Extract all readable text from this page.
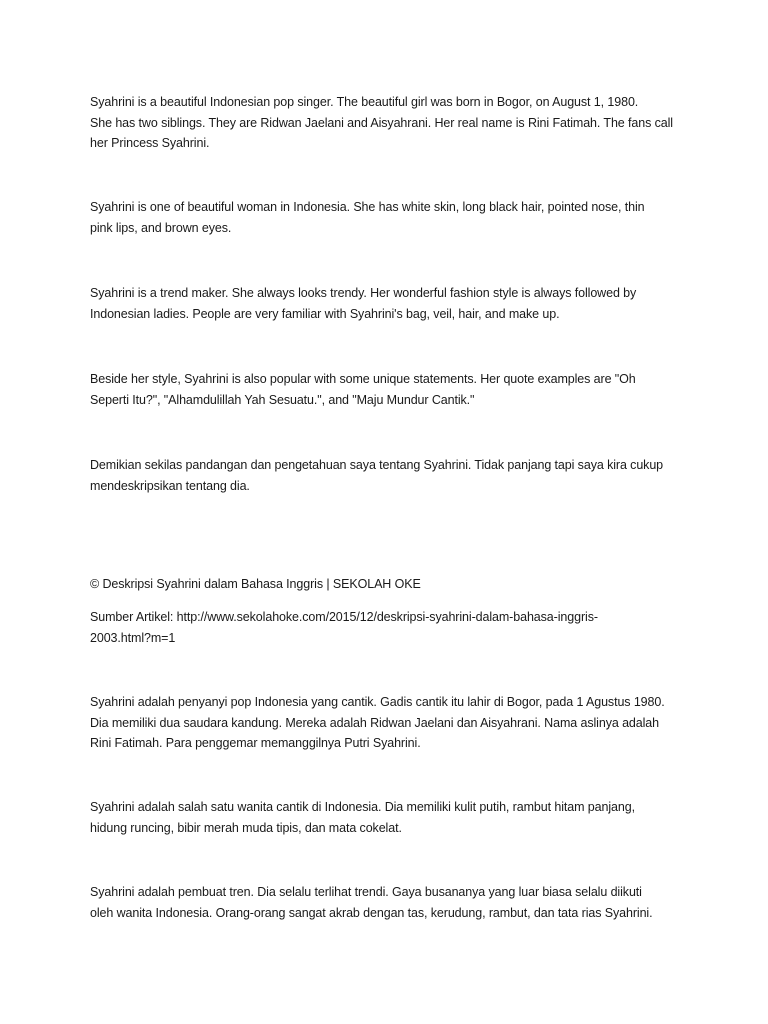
Syahrini is a beautiful Indonesian pop singer. The beautiful girl was born in Bogor, on August 1, 1980.
She has two siblings. They are Ridwan Jaelani and Aisyahrani. Her real name is Rini Fatimah. The fans call
her Princess Syahrini.

Syahrini is one of beautiful woman in Indonesia. She has white skin, long black hair, pointed nose, thin
pink lips, and brown eyes.

Syahrini is a trend maker. She always looks trendy. Her wonderful fashion style is always followed by
Indonesian ladies. People are very familiar with Syahrini's bag, veil, hair, and make up.

Beside her style, Syahrini is also popular with some unique statements. Her quote examples are "Oh
Seperti Itu?", "Alhamdulillah Yah Sesuatu.", and "Maju Mundur Cantik."

Demikian sekilas pandangan dan pengetahuan saya tentang Syahrini. Tidak panjang tapi saya kira cukup
mendeskripsikan tentang dia.

© Deskripsi Syahrini dalam Bahasa Inggris | SEKOLAH OKE

Sumber Artikel: http://www.sekolahoke.com/2015/12/deskripsi-syahrini-dalam-bahasa-inggris-
2003.html?m=1

Syahrini adalah penyanyi pop Indonesia yang cantik. Gadis cantik itu lahir di Bogor, pada 1 Agustus 1980.
Dia memiliki dua saudara kandung. Mereka adalah Ridwan Jaelani dan Aisyahrani. Nama aslinya adalah
Rini Fatimah. Para penggemar memanggilnya Putri Syahrini.

Syahrini adalah salah satu wanita cantik di Indonesia. Dia memiliki kulit putih, rambut hitam panjang,
hidung runcing, bibir merah muda tipis, dan mata cokelat.

Syahrini adalah pembuat tren. Dia selalu terlihat trendi. Gaya busananya yang luar biasa selalu diikuti
oleh wanita Indonesia. Orang-orang sangat akrab dengan tas, kerudung, rambut, dan tata rias Syahrini.
